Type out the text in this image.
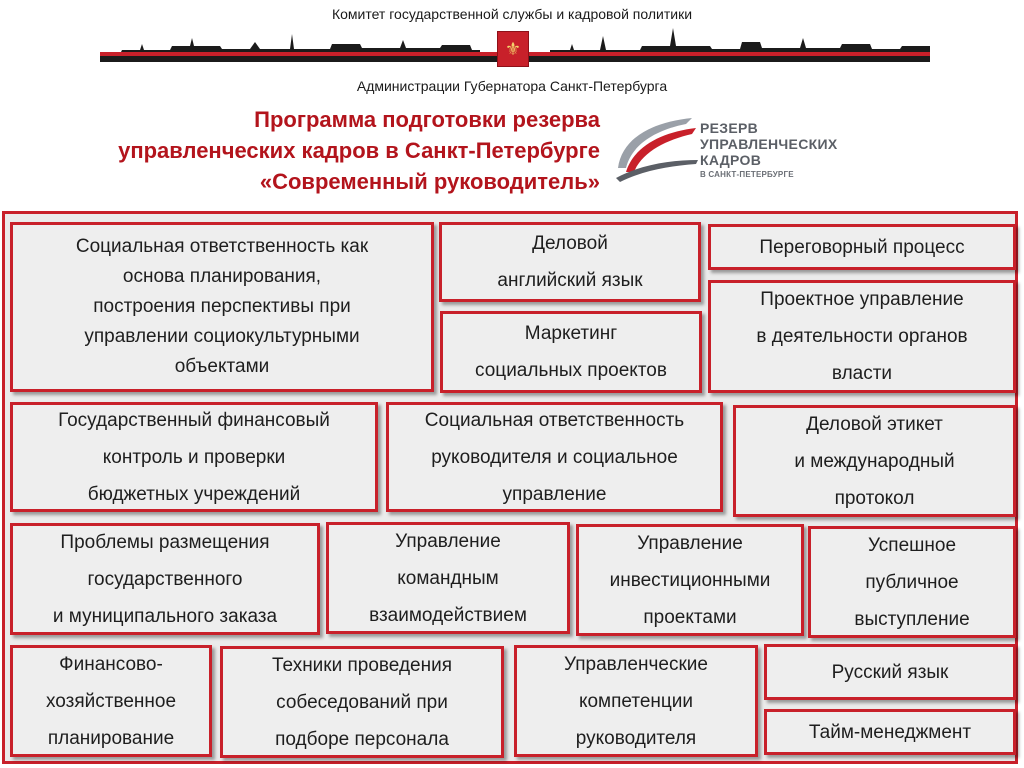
Комитет государственной службы и кадровой политики
⚜
Администрации Губернатора Санкт-Петербурга
Программа подготовки резерва
управленческих кадров в Санкт-Петербурге
«Современный руководитель»
РЕЗЕРВ
УПРАВЛЕНЧЕСКИХ
КАДРОВ
В САНКТ-ПЕТЕРБУРГЕ
Социальная ответственность как
основа планирования,
построения перспективы при
управлении социокультурными
объектами
Деловой
английский язык
Переговорный процесс
Маркетинг
социальных проектов
Проектное управление
в деятельности органов
власти
Государственный финансовый
контроль и проверки
бюджетных учреждений
Социальная ответственность
руководителя и социальное
управление
Деловой этикет
и международный
протокол
Проблемы размещения
государственного
и муниципального заказа
Управление
командным
взаимодействием
Управление
инвестиционными
проектами
Успешное
публичное
выступление
Финансово-
хозяйственное
планирование
Техники проведения
собеседований при
подборе персонала
Управленческие
компетенции
руководителя
Русский язык
Тайм-менеджмент
